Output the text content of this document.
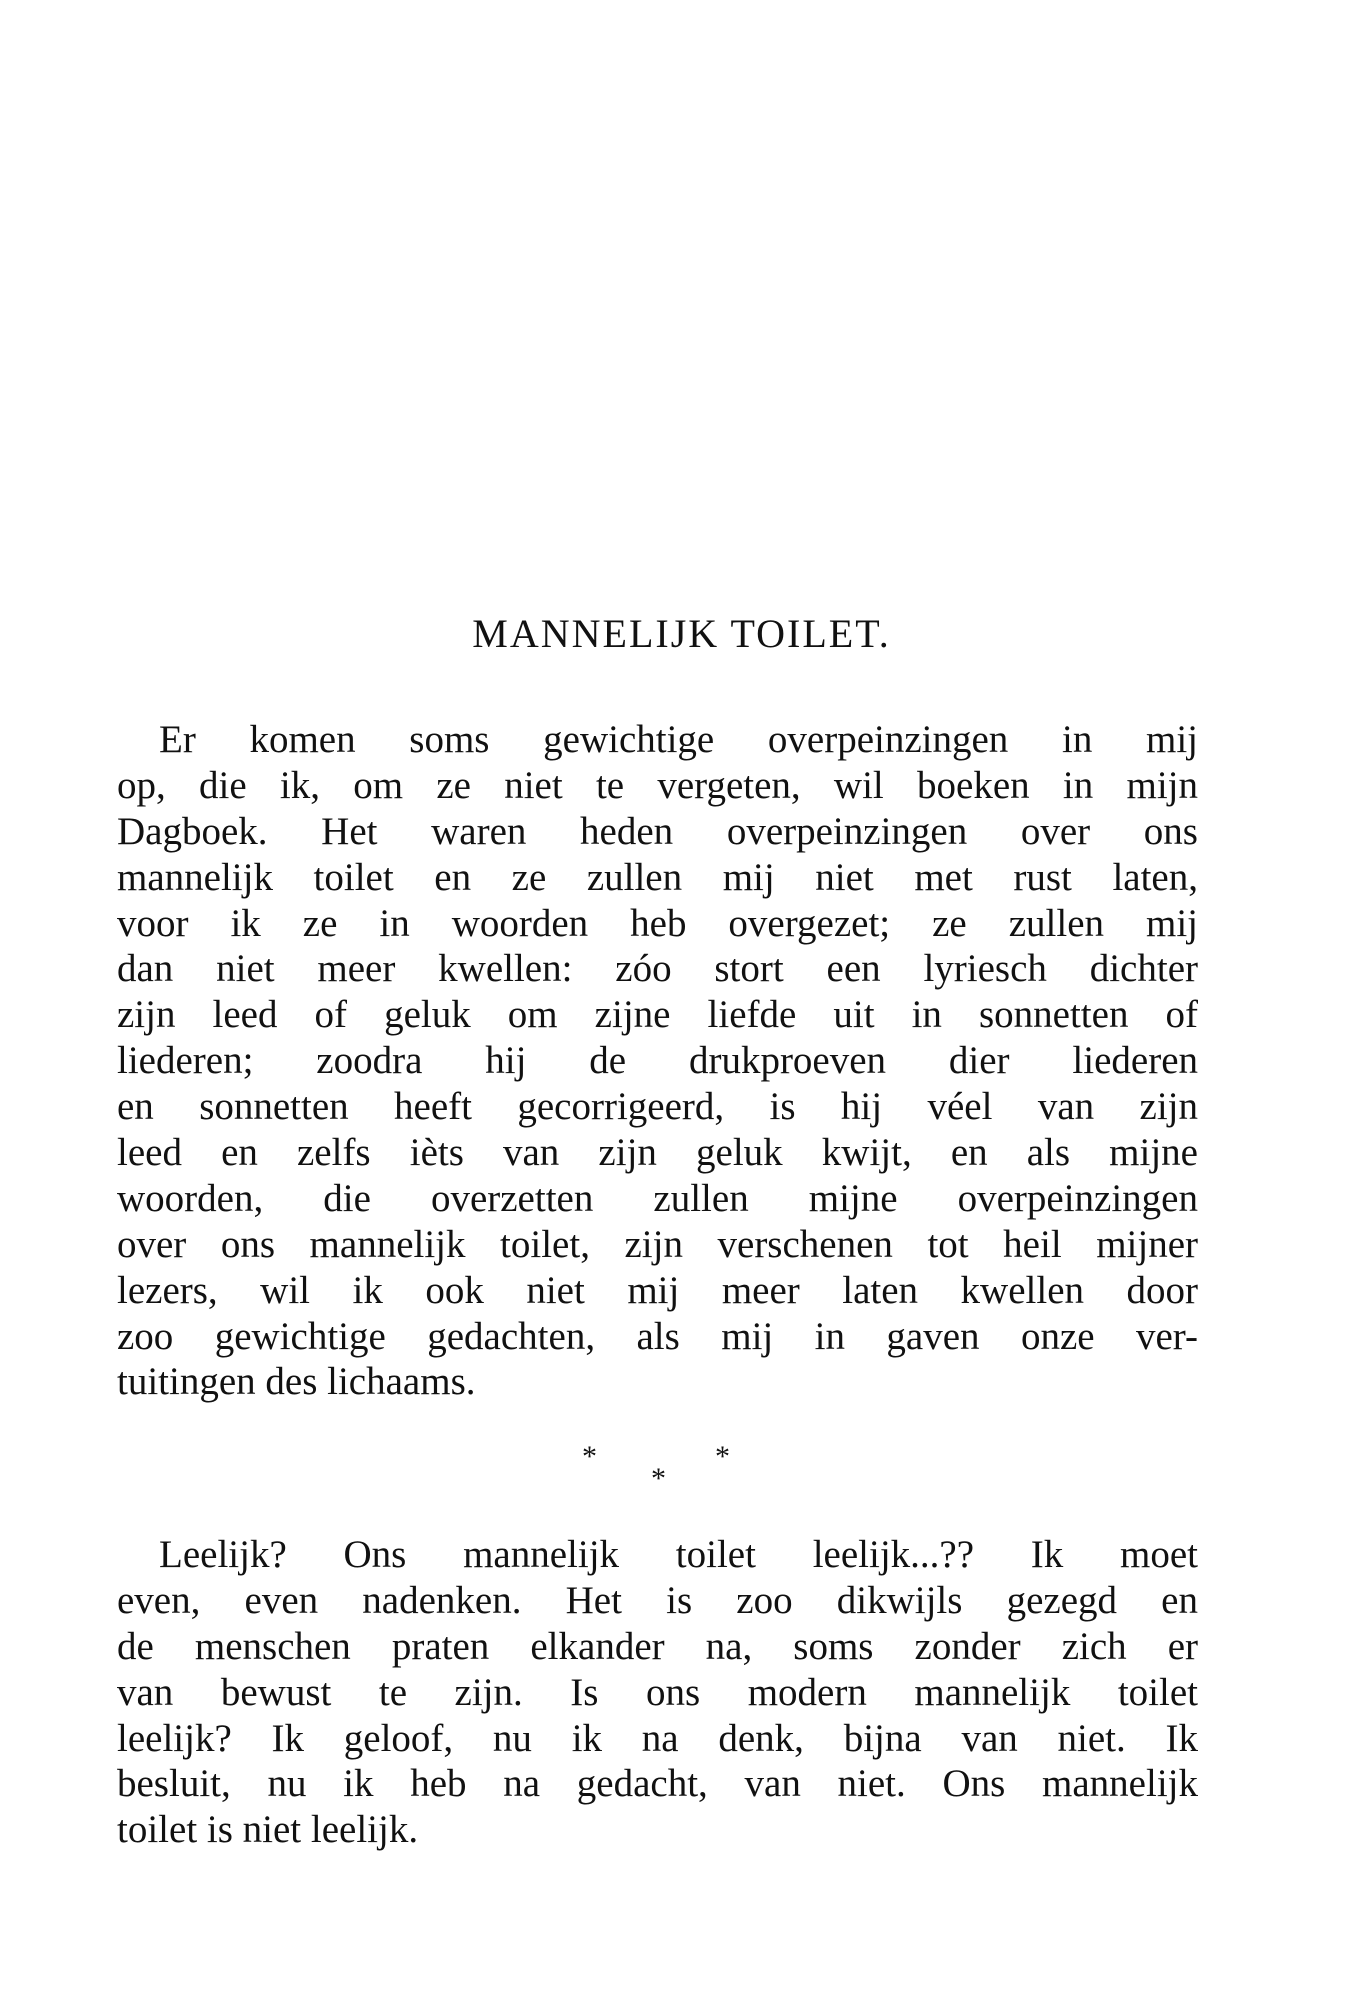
MANNELIJK TOILET.
Er komen soms gewichtige overpeinzingen in mij
op, die ik, om ze niet te vergeten, wil boeken in mijn
Dagboek. Het waren heden overpeinzingen over ons
mannelijk toilet en ze zullen mij niet met rust laten,
voor ik ze in woorden heb overgezet; ze zullen mij
dan niet meer kwellen: zóo stort een lyriesch dichter
zijn leed of geluk om zijne liefde uit in sonnetten of
liederen; zoodra hij de drukproeven dier liederen
en sonnetten heeft gecorrigeerd, is hij véel van zijn
leed en zelfs ièts van zijn geluk kwijt, en als mijne
woorden, die overzetten zullen mijne overpeinzingen
over ons mannelijk toilet, zijn verschenen tot heil mijner
lezers, wil ik ook niet mij meer laten kwellen door
zoo gewichtige gedachten, als mij in gaven onze ver-
tuitingen des lichaams.
*
*
*
Leelijk? Ons mannelijk toilet leelijk...?? Ik moet
even, even nadenken. Het is zoo dikwijls gezegd en
de menschen praten elkander na, soms zonder zich er
van bewust te zijn. Is ons modern mannelijk toilet
leelijk? Ik geloof, nu ik na denk, bijna van niet. Ik
besluit, nu ik heb na gedacht, van niet. Ons mannelijk
toilet is niet leelijk.
